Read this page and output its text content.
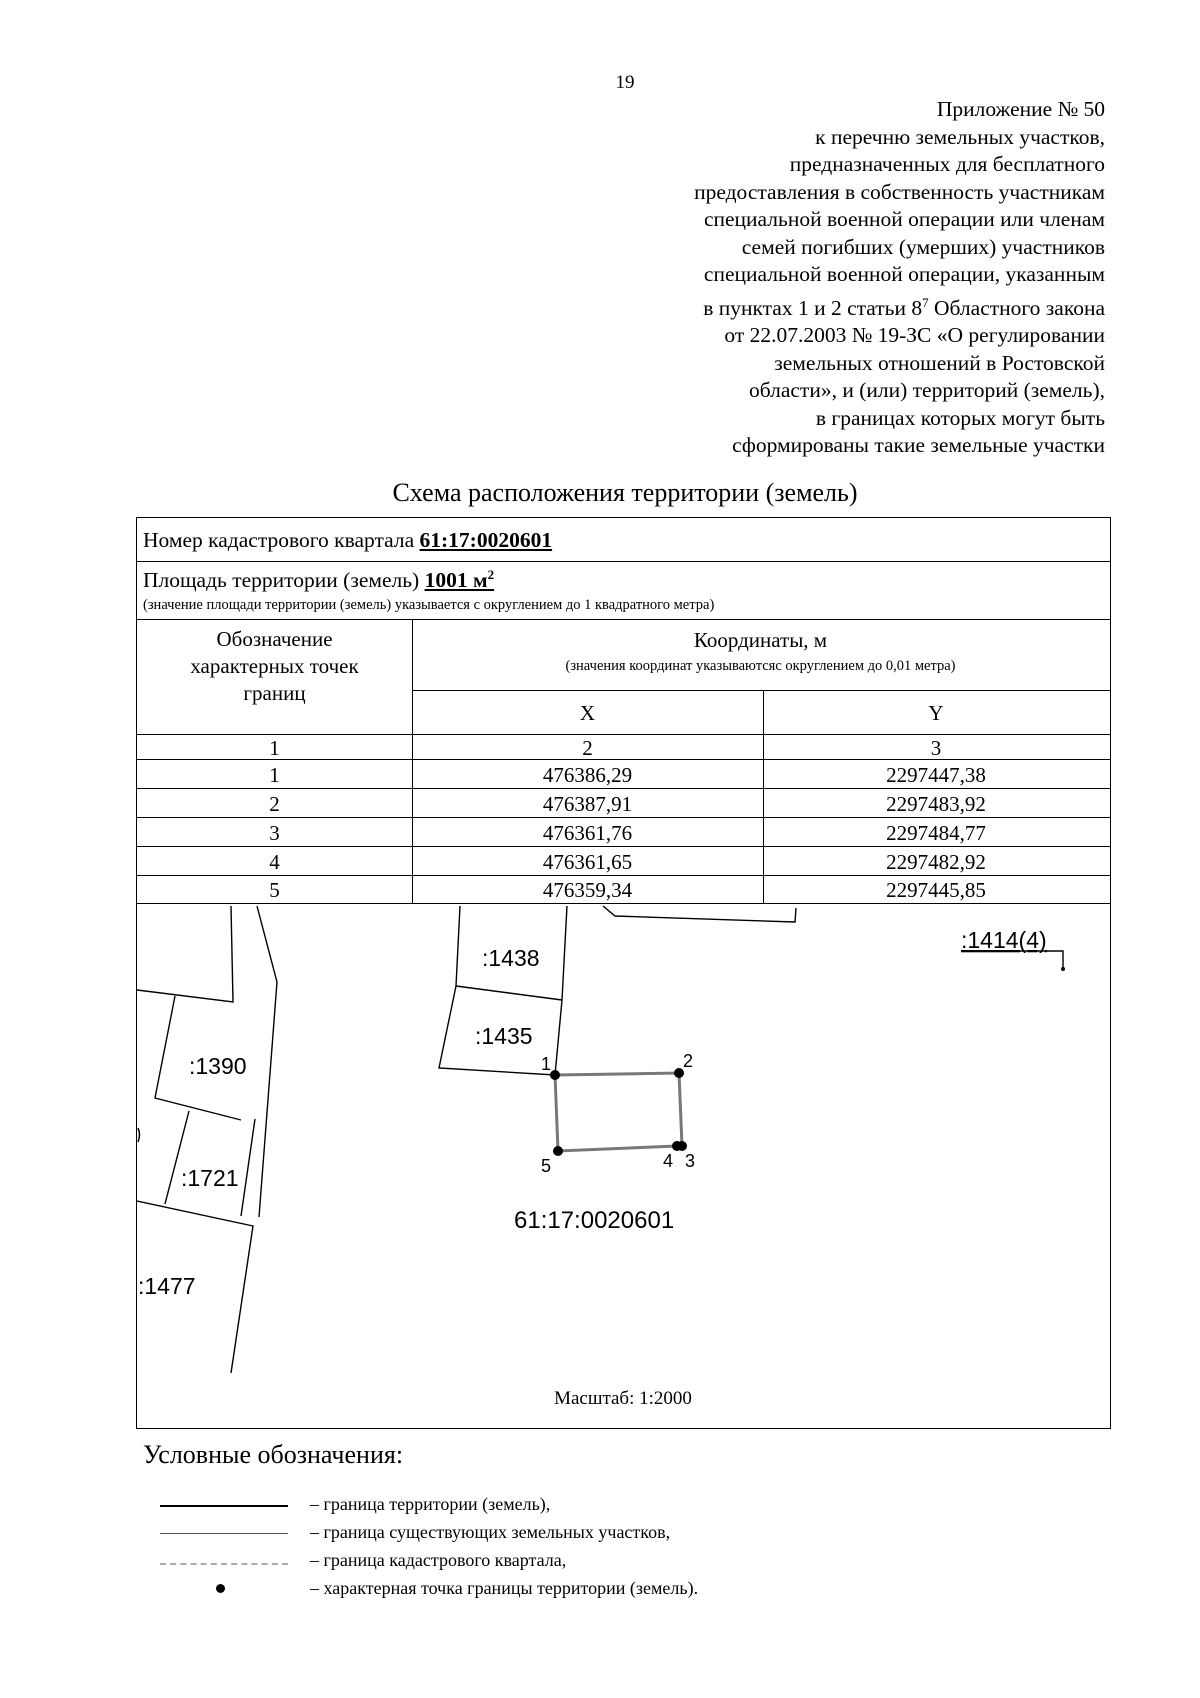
19
Приложение № 50
к перечню земельных участков,
предназначенных для бесплатного
предоставления в собственность участникам
специальной военной операции или членам
семей погибших (умерших) участников
специальной военной операции, указанным
в пунктах 1 и 2 статьи $8^7$ Областного закона
от 22.07.2003 № 19-ЗС «О регулировании
земельных отношений в Ростовской
области», и (или) территорий (земель),
в границах которых могут быть
сформированы такие земельные участки
Схема расположения территории (земель)
Номер кадастрового квартала 61:17:0020601
Площадь территории (земель) 1001 $м^2$
(значение площади территории (земель) указывается с округлением до 1 квадратного метра)
Обозначение
характерных точек
границ
Координаты, м
(значения координат указываютсяс округлением до 0,01 метра)
X	Y
1	2	3
1	476386,29	2297447,38
2	476387,91	2297483,92
3	476361,76	2297484,77
4	476361,65	2297482,92
5	476359,34	2297445,85
:1438
:1435
:1390
:1721
:1477
:1414(4)
1	2
5	4 3
61:17:0020601
Масштаб: 1:2000
Условные обозначения:
– граница территории (земель),
– граница существующих земельных участков,
– граница кадастрового квартала,
– характерная точка границы территории (земель).
